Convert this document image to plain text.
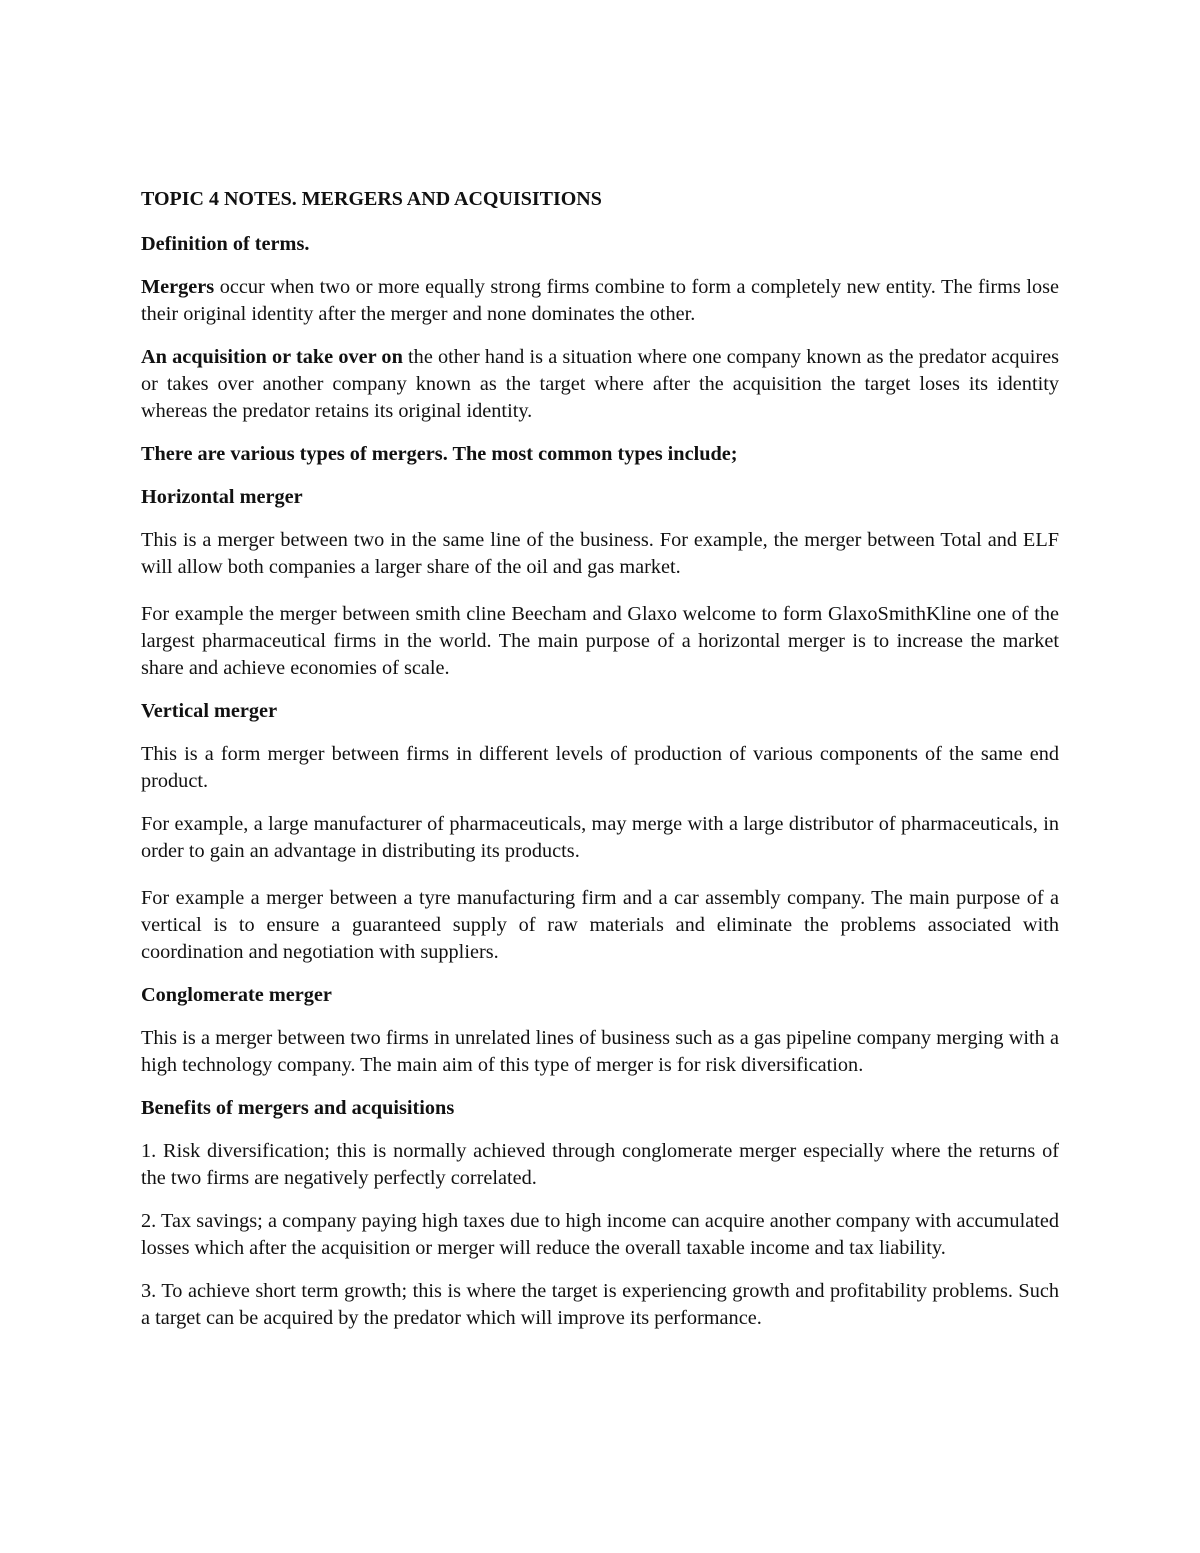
TOPIC 4 NOTES. MERGERS AND ACQUISITIONS

Definition of terms.

Mergers occur when two or more equally strong firms combine to form a completely new entity. The firms lose their original identity after the merger and none dominates the other.

An acquisition or take over on the other hand is a situation where one company known as the predator acquires or takes over another company known as the target where after the acquisition the target loses its identity whereas the predator retains its original identity.

There are various types of mergers. The most common types include;

Horizontal merger

This is a merger between two in the same line of the business. For example, the merger between Total and ELF will allow both companies a larger share of the oil and gas market.

For example the merger between smith cline Beecham and Glaxo welcome to form GlaxoSmithKline one of the largest pharmaceutical firms in the world. The main purpose of a horizontal merger is to increase the market share and achieve economies of scale.

Vertical merger

This is a form merger between firms in different levels of production of various components of the same end product.

For example, a large manufacturer of pharmaceuticals, may merge with a large distributor of pharmaceuticals, in order to gain an advantage in distributing its products.

For example a merger between a tyre manufacturing firm and a car assembly company. The main purpose of a vertical is to ensure a guaranteed supply of raw materials and eliminate the problems associated with coordination and negotiation with suppliers.

Conglomerate merger

This is a merger between two firms in unrelated lines of business such as a gas pipeline company merging with a high technology company. The main aim of this type of merger is for risk diversification.

Benefits of mergers and acquisitions

1. Risk diversification; this is normally achieved through conglomerate merger especially where the returns of the two firms are negatively perfectly correlated.

2. Tax savings; a company paying high taxes due to high income can acquire another company with accumulated losses which after the acquisition or merger will reduce the overall taxable income and tax liability.

3. To achieve short term growth; this is where the target is experiencing growth and profitability problems. Such a target can be acquired by the predator which will improve its performance.
